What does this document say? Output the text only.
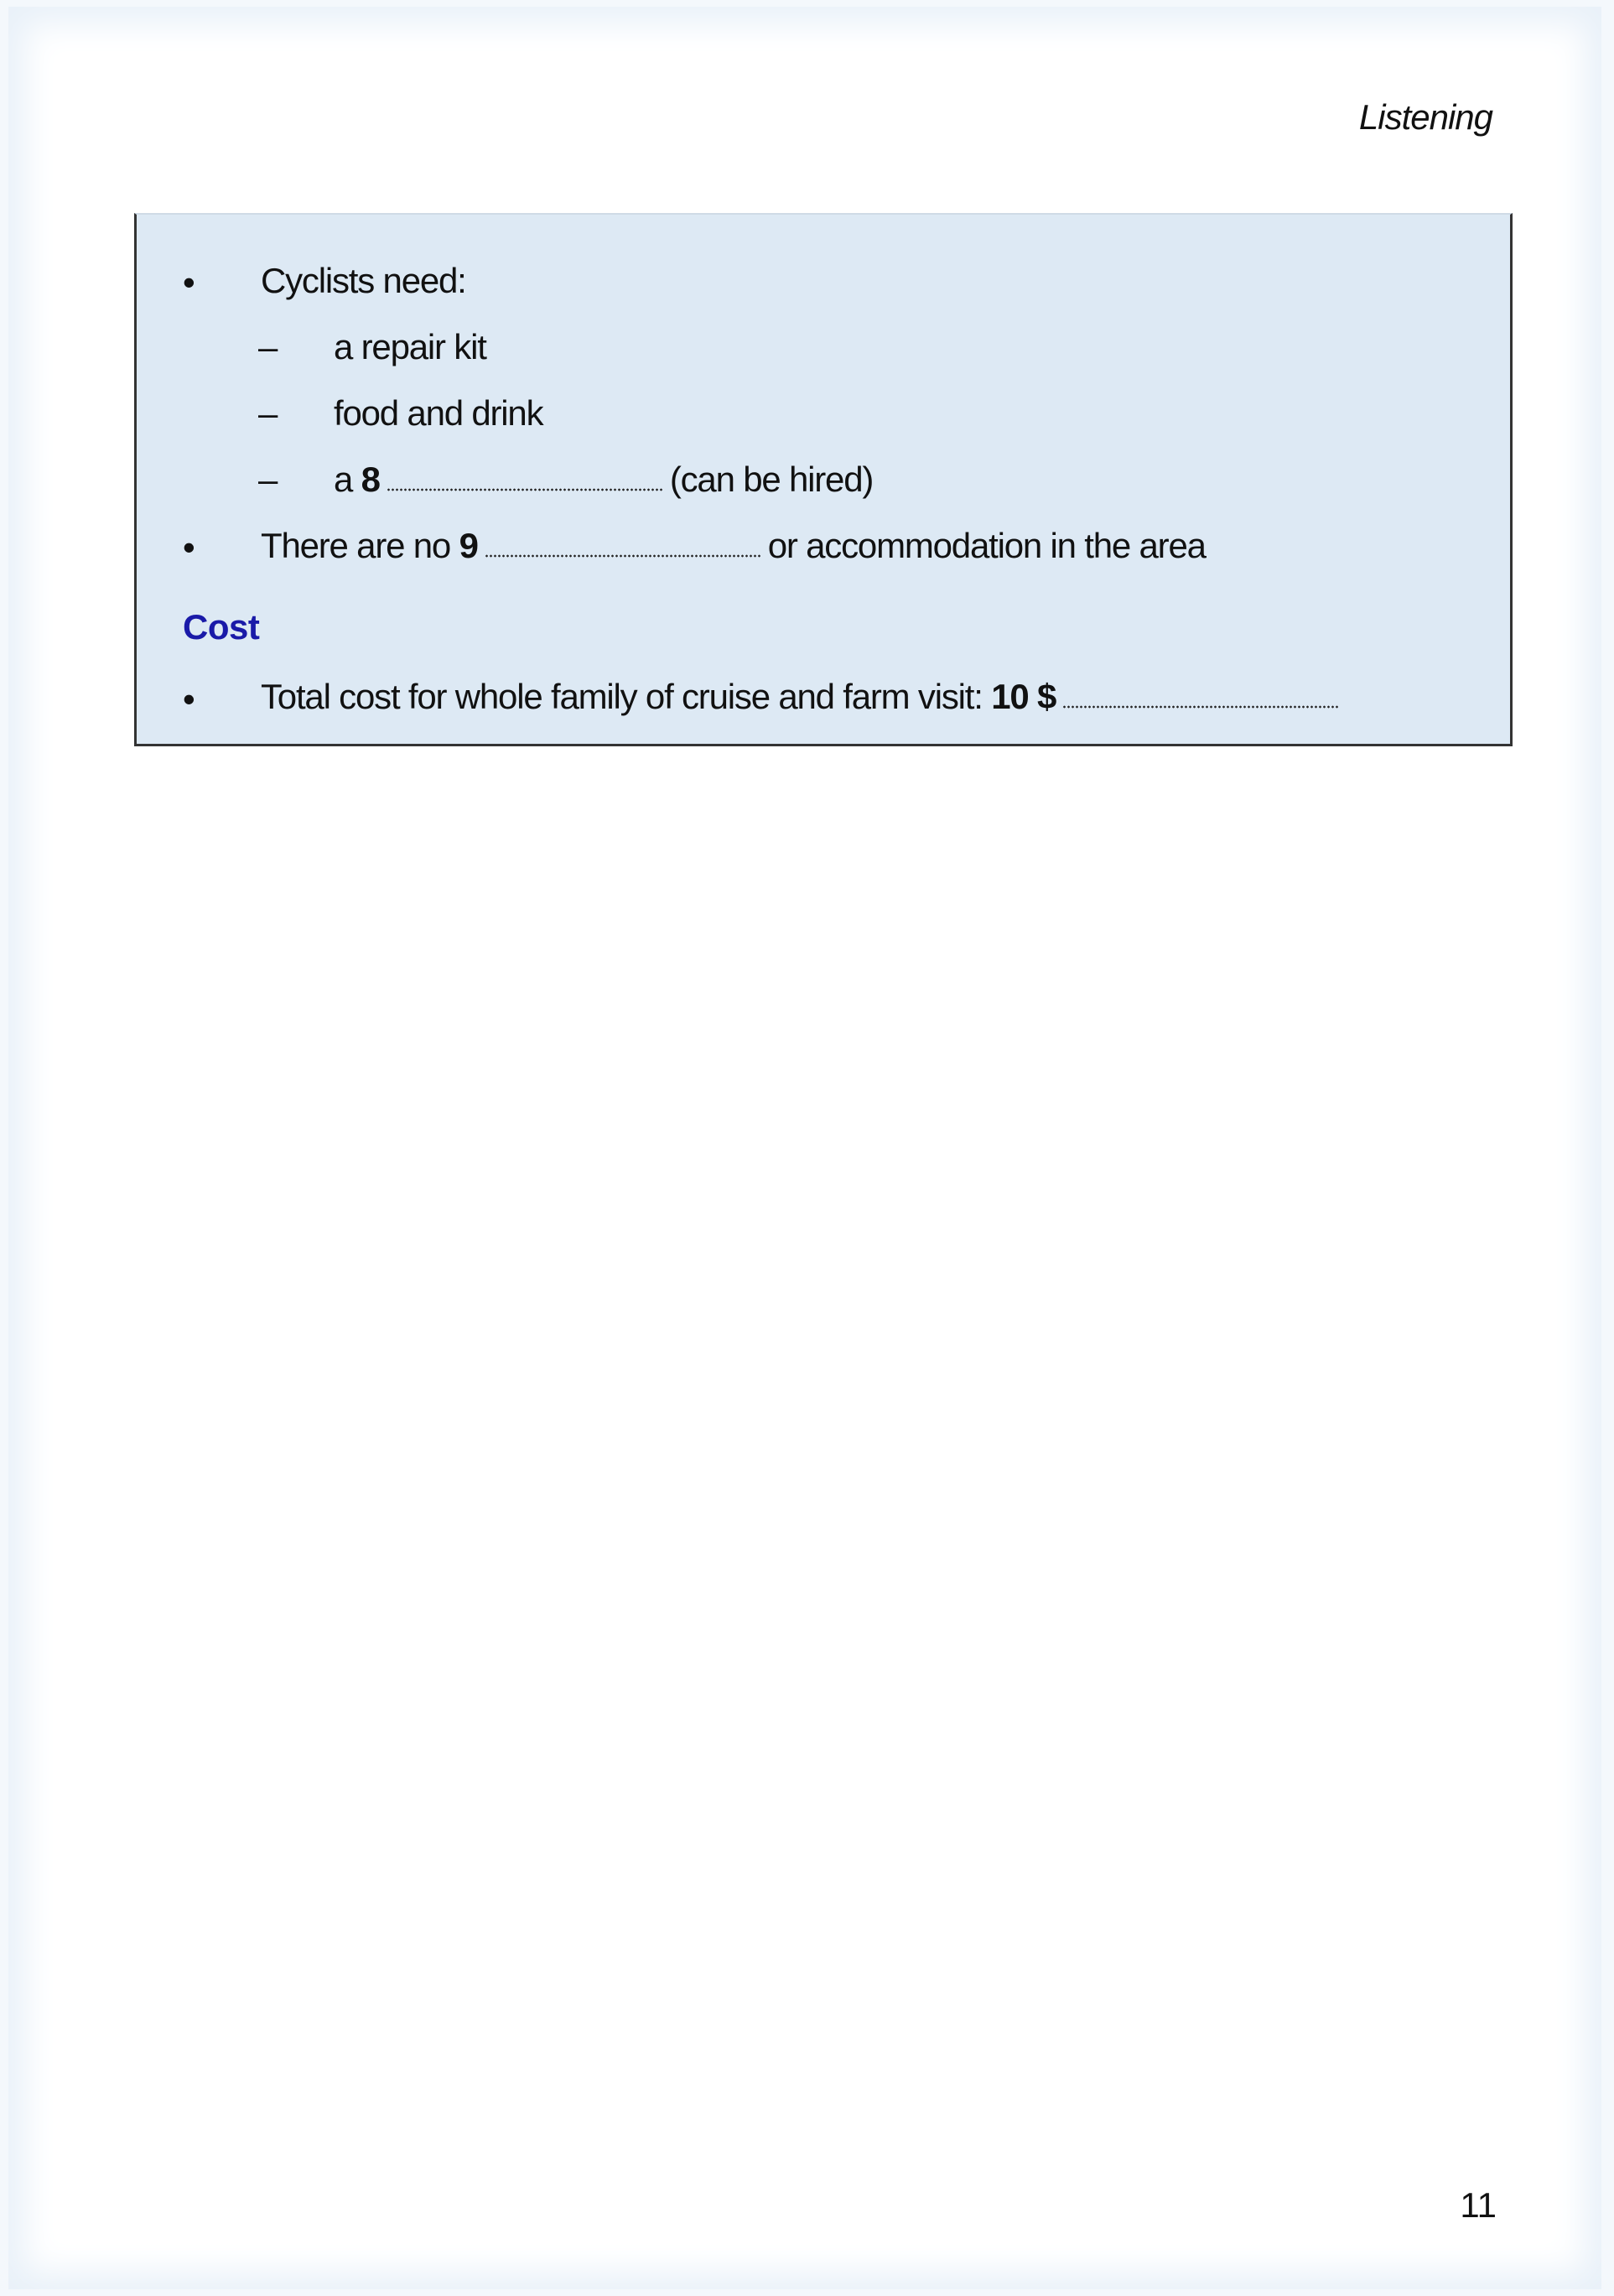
Listening
• Cyclists need:
– a repair kit
– food and drink
– a 8	(can be hired)
• There are no 9	or accommodation in the area
Cost
• Total cost for whole family of cruise and farm visit: 10 $
11
